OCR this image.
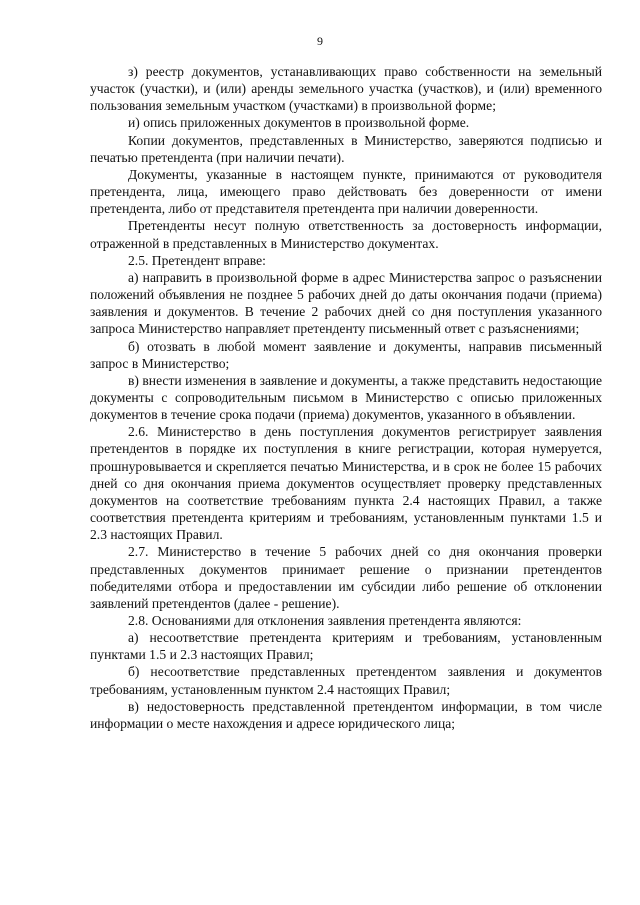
9

з) реестр документов, устанавливающих право собственности на земельный участок (участки), и (или) аренды земельного участка (участков), и (или) временного пользования земельным участком (участками) в произвольной форме;

и) опись приложенных документов в произвольной форме.

Копии документов, представленных в Министерство, заверяются подписью и печатью претендента (при наличии печати).

Документы, указанные в настоящем пункте, принимаются от руководителя претендента, лица, имеющего право действовать без доверенности от имени претендента, либо от представителя претендента при наличии доверенности.

Претенденты несут полную ответственность за достоверность информации, отраженной в представленных в Министерство документах.

2.5. Претендент вправе:

а) направить в произвольной форме в адрес Министерства запрос о разъяснении положений объявления не позднее 5 рабочих дней до даты окончания подачи (приема) заявления и документов. В течение 2 рабочих дней со дня поступления указанного запроса Министерство направляет претенденту письменный ответ с разъяснениями;

б) отозвать в любой момент заявление и документы, направив письменный запрос в Министерство;

в) внести изменения в заявление и документы, а также представить недостающие документы с сопроводительным письмом в Министерство с описью приложенных документов в течение срока подачи (приема) документов, указанного в объявлении.

2.6. Министерство в день поступления документов регистрирует заявления претендентов в порядке их поступления в книге регистрации, которая нумеруется, прошнуровывается и скрепляется печатью Министерства, и в срок не более 15 рабочих дней со дня окончания приема документов осуществляет проверку представленных документов на соответствие требованиям пункта 2.4 настоящих Правил, а также соответствия претендента критериям и требованиям, установленным пунктами 1.5 и 2.3 настоящих Правил.

2.7. Министерство в течение 5 рабочих дней со дня окончания проверки представленных документов принимает решение о признании претендентов победителями отбора и предоставлении им субсидии либо решение об отклонении заявлений претендентов (далее - решение).

2.8. Основаниями для отклонения заявления претендента являются:

а) несоответствие претендента критериям и требованиям, установленным пунктами 1.5 и 2.3 настоящих Правил;

б) несоответствие представленных претендентом заявления и документов требованиям, установленным пунктом 2.4 настоящих Правил;

в) недостоверность представленной претендентом информации, в том числе информации о месте нахождения и адресе юридического лица;
